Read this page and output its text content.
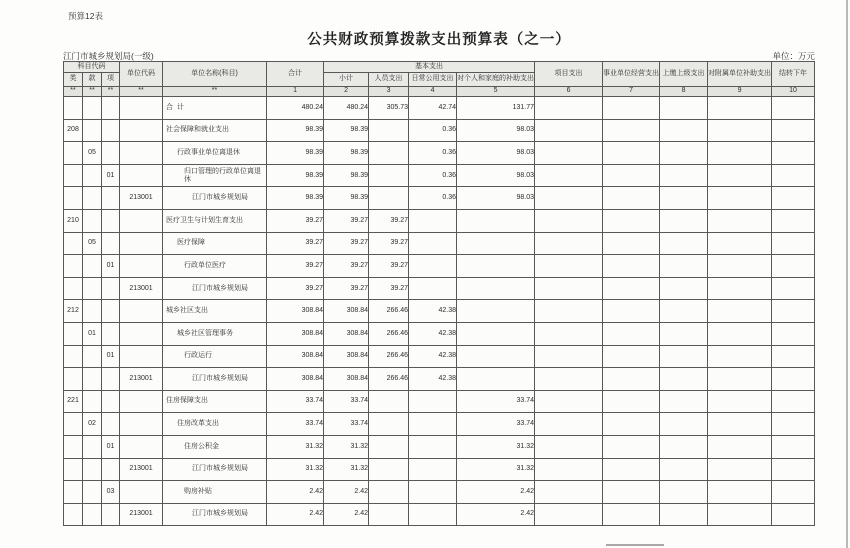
预算12表
公共财政预算拨款支出预算表（之一）
江门市城乡规划局(一级)	单位：万元
科目代码			单位代码	单位名称(科目)	合计	基本支出				项目支出	事业单位经营支出	上缴上级支出	对附属单位补助支出	结转下年
类	款	项				小计	人员支出	日常公用支出	对个人和家庭的补助支出					
**	**	**	**	**	1	2	3	4	5	6	7	8	9	10
				合  计	480.24	480.24	305.73	42.74	131.77					
208				社会保障和就业支出	98.39	98.39		0.36	98.03					
	05			行政事业单位离退休	98.39	98.39		0.36	98.03					
		01		归口管理的行政单位离退休	98.39	98.39		0.36	98.03					
			213001	江门市城乡规划局	98.39	98.39		0.36	98.03					
210				医疗卫生与计划生育支出	39.27	39.27	39.27							
	05			医疗保障	39.27	39.27	39.27							
		01		行政单位医疗	39.27	39.27	39.27							
			213001	江门市城乡规划局	39.27	39.27	39.27							
212				城乡社区支出	308.84	308.84	266.46	42.38						
	01			城乡社区管理事务	308.84	308.84	266.46	42.38						
		01		行政运行	308.84	308.84	266.46	42.38						
			213001	江门市城乡规划局	308.84	308.84	266.46	42.38						
221				住房保障支出	33.74	33.74			33.74					
	02			住房改革支出	33.74	33.74			33.74					
		01		住房公积金	31.32	31.32			31.32					
			213001	江门市城乡规划局	31.32	31.32			31.32					
		03		购房补贴	2.42	2.42			2.42					
			213001	江门市城乡规划局	2.42	2.42			2.42					
